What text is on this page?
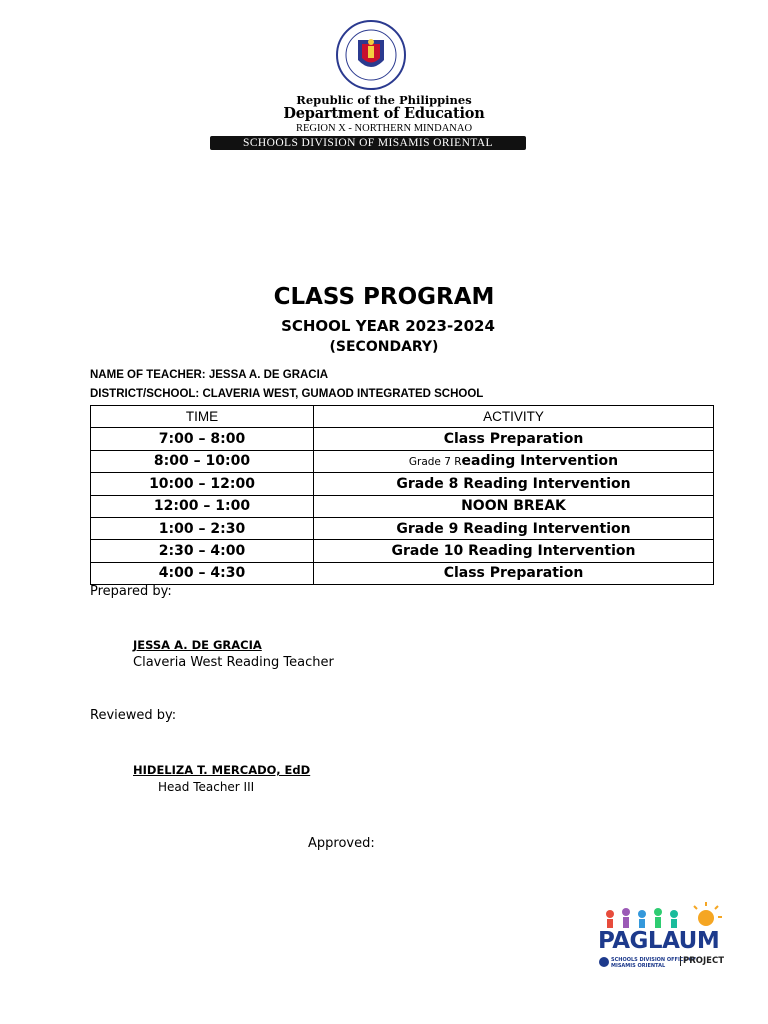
Republic of the Philippines
Department of Education
REGION X - NORTHERN MINDANAO
SCHOOLS DIVISION OF MISAMIS ORIENTAL
CLASS PROGRAM
SCHOOL YEAR 2023-2024
(SECONDARY)
NAME OF TEACHER: JESSA A. DE GRACIA
DISTRICT/SCHOOL: CLAVERIA WEST, GUMAOD INTEGRATED SCHOOL
TIME	ACTIVITY
7:00 – 8:00	Class Preparation
8:00 – 10:00	Grade 7 Reading Intervention
10:00 – 12:00	Grade 8 Reading Intervention
12:00 – 1:00	NOON BREAK
1:00 – 2:30	Grade 9 Reading Intervention
2:30 – 4:00	Grade 10 Reading Intervention
4:00 – 4:30	Class Preparation
Prepared by:
JESSA A. DE GRACIA
Claveria West Reading Teacher
Reviewed by:
HIDELIZA T. MERCADO, EdD
Head Teacher III
Approved:
PAGLAUM
SCHOOLS DIVISION OFFICE OF
MISAMIS ORIENTAL	PROJECT
